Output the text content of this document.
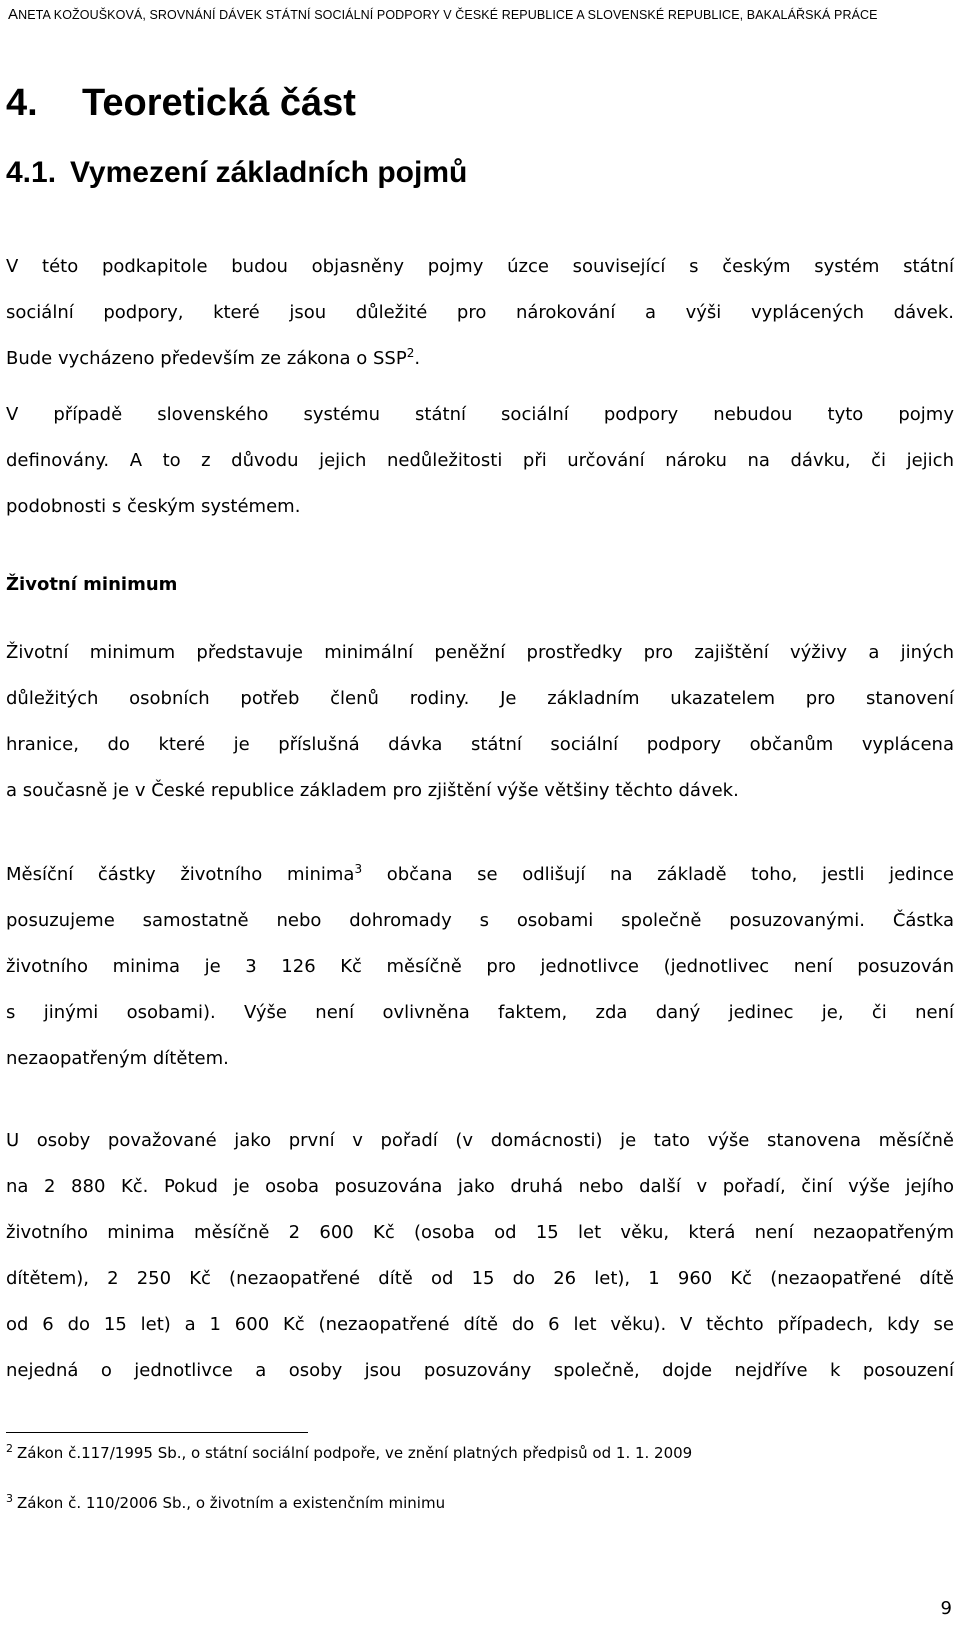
ANETA KOŽOUŠKOVÁ, SROVNÁNÍ DÁVEK STÁTNÍ SOCIÁLNÍ PODPORY V ČESKÉ REPUBLICE A SLOVENSKÉ REPUBLICE, BAKALÁŘSKÁ PRÁCE
4. Teoretická část
4.1. Vymezení základních pojmů

V této podkapitole budou objasněny pojmy úzce související s českým systém státní
sociální podpory, které jsou důležité pro nárokování a výši vyplácených dávek.
Bude vycházeno především ze zákona o SSP$^2$.

V případě slovenského systému státní sociální podpory nebudou tyto pojmy
definovány. A to z důvodu jejich nedůležitosti při určování nároku na dávku, či jejich
podobnosti s českým systémem.

Životní minimum

Životní minimum představuje minimální peněžní prostředky pro zajištění výživy a jiných
důležitých osobních potřeb členů rodiny. Je základním ukazatelem pro stanovení
hranice, do které je příslušná dávka státní sociální podpory občanům vyplácena
a současně je v České republice základem pro zjištění výše většiny těchto dávek.

Měsíční částky životního minima$^3$ občana se odlišují na základě toho, jestli jedince
posuzujeme samostatně nebo dohromady s osobami společně posuzovanými. Částka
životního minima je 3 126 Kč měsíčně pro jednotlivce (jednotlivec není posuzován
s jinými osobami). Výše není ovlivněna faktem, zda daný jedinec je, či není
nezaopatřeným dítětem.

U osoby považované jako první v pořadí (v domácnosti) je tato výše stanovena měsíčně
na 2 880 Kč. Pokud je osoba posuzována jako druhá nebo další v pořadí, činí výše jejího
životního minima měsíčně 2 600 Kč (osoba od 15 let věku, která není nezaopatřeným
dítětem), 2 250 Kč (nezaopatřené dítě od 15 do 26 let), 1 960 Kč (nezaopatřené dítě
od 6 do 15 let) a 1 600 Kč (nezaopatřené dítě do 6 let věku). V těchto případech, kdy se
nejedná o jednotlivce a osoby jsou posuzovány společně, dojde nejdříve k posouzení

$^2$ Zákon č.117/1995 Sb., o státní sociální podpoře, ve znění platných předpisů od 1. 1. 2009

$^3$ Zákon č. 110/2006 Sb., o životním a existenčním minimu

9
